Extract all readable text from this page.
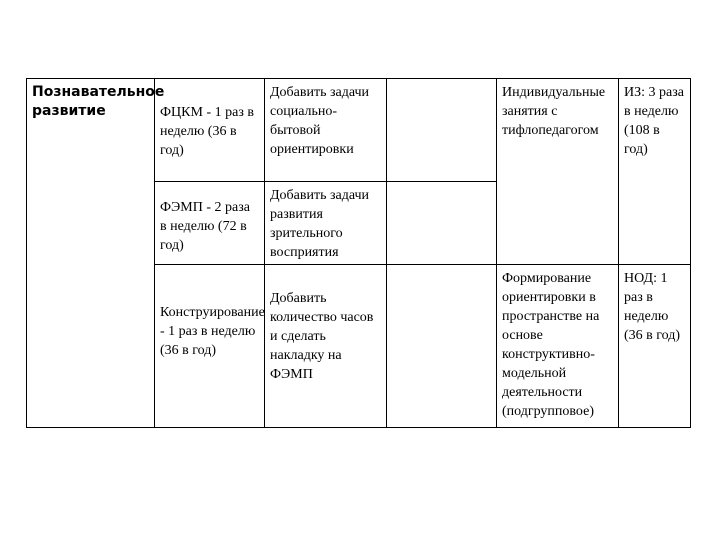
Познавательное развитие	ФЦКМ - 1 раз в неделю (36 в год)	Добавить задачи социально-бытовой ориентировки		Индивидуальные занятия с тифлопедагогом	ИЗ: 3 раза в неделю (108 в год)
	ФЭМП - 2 раза в неделю (72 в год)	Добавить задачи развития зрительного восприятия			
	Конструирование - 1 раз в неделю (36 в год)	Добавить количество часов и сделать накладку на ФЭМП		Формирование ориентировки в пространстве на основе конструктивно-модельной деятельности (подгрупповое)	НОД: 1 раз в неделю (36 в год)
